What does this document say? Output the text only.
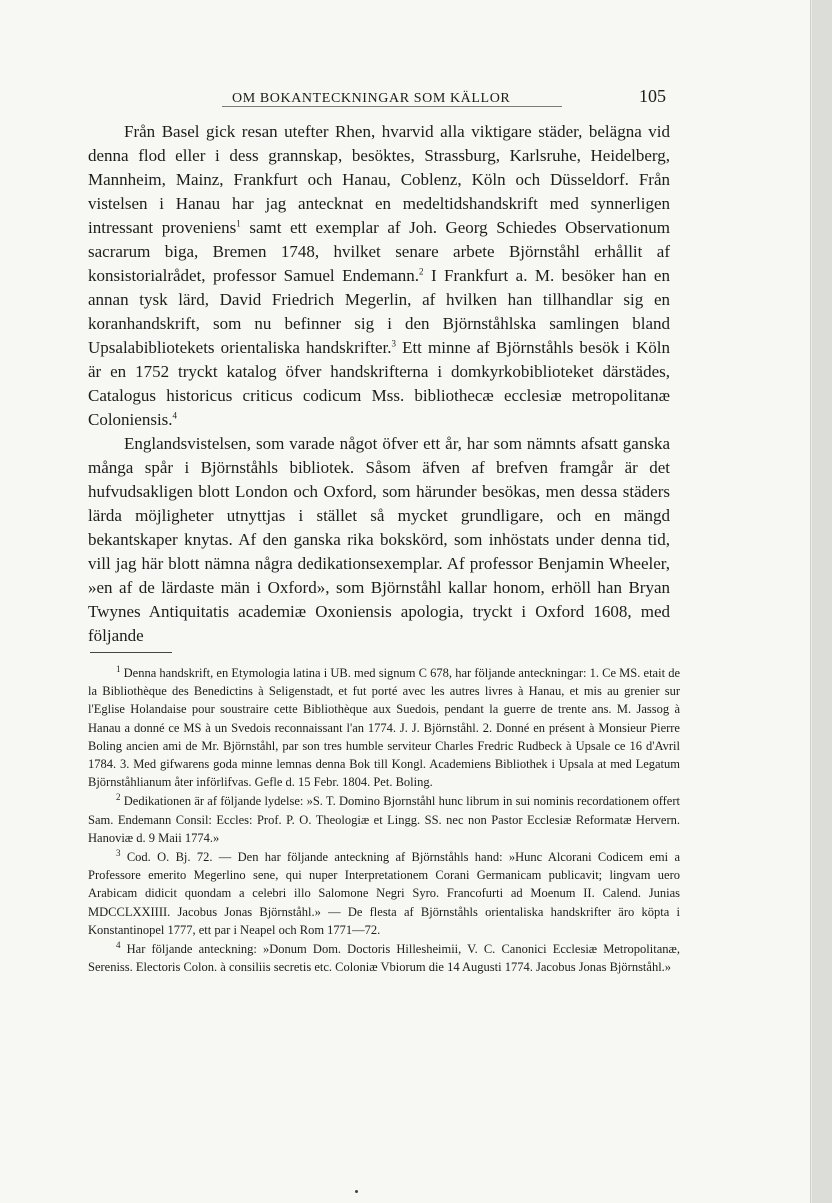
OM BOKANTECKNINGAR SOM KÄLLOR	105

Från Basel gick resan utefter Rhen, hvarvid alla viktigare städer, belägna vid denna flod eller i dess grannskap, besöktes, Strassburg, Karlsruhe, Heidelberg, Mannheim, Mainz, Frankfurt och Hanau, Coblenz, Köln och Düsseldorf. Från vistelsen i Hanau har jag antecknat en medeltidshandskrift med synnerligen intressant proveniens$^1$ samt ett exemplar af Joh. Georg Schiedes Observationum sacrarum biga, Bremen 1748, hvilket senare arbete Björnståhl erhållit af konsistorialrådet, professor Samuel Endemann.$^2$ I Frankfurt a. M. besöker han en annan tysk lärd, David Friedrich Megerlin, af hvilken han tillhandlar sig en koranhandskrift, som nu befinner sig i den Björnståhlska samlingen bland Upsalabibliotekets orientaliska handskrifter.$^3$ Ett minne af Björnståhls besök i Köln är en 1752 tryckt katalog öfver handskrifterna i domkyrkobiblioteket därstädes, Catalogus historicus criticus codicum Mss. bibliothecæ ecclesiæ metropolitanæ Coloniensis.$^4$

Englandsvistelsen, som varade något öfver ett år, har som nämnts afsatt ganska många spår i Björnståhls bibliotek. Såsom äfven af brefven framgår är det hufvudsakligen blott London och Oxford, som härunder besökas, men dessa städers lärda möjligheter utnyttjas i stället så mycket grundligare, och en mängd bekantskaper knytas. Af den ganska rika bokskörd, som inhöstats under denna tid, vill jag här blott nämna några dedikationsexemplar. Af professor Benjamin Wheeler, »en af de lärdaste män i Oxford», som Björnståhl kallar honom, erhöll han Bryan Twynes Antiquitatis academiæ Oxoniensis apologia, tryckt i Oxford 1608, med följande

$^1$ Denna handskrift, en Etymologia latina i UB. med signum C 678, har följande anteckningar: 1. Ce MS. etait de la Bibliothèque des Benedictins à Seligenstadt, et fut porté avec les autres livres à Hanau, et mis au grenier sur l'Eglise Holandaise pour soustraire cette Bibliothèque aux Suedois, pendant la guerre de trente ans. M. Jassog à Hanau a donné ce MS à un Svedois reconnaissant l'an 1774. J. J. Björnståhl. 2. Donné en présent à Monsieur Pierre Boling ancien ami de Mr. Björnståhl, par son tres humble serviteur Charles Fredric Rudbeck à Upsale ce 16 d'Avril 1784. 3. Med gifwarens goda minne lemnas denna Bok till Kongl. Academiens Bibliothek i Upsala at med Legatum Björnståhlianum åter införlifvas. Gefle d. 15 Febr. 1804. Pet. Boling.

$^2$ Dedikationen är af följande lydelse: »S. T. Domino Bjornståhl hunc librum in sui nominis recordationem offert Sam. Endemann Consil: Eccles: Prof. P. O. Theologiæ et Lingg. SS. nec non Pastor Ecclesiæ Reformatæ Hervern. Hanoviæ d. 9 Maii 1774.»

$^3$ Cod. O. Bj. 72. — Den har följande anteckning af Björnståhls hand: »Hunc Alcorani Codicem emi a Professore emerito Megerlino sene, qui nuper Interpretationem Corani Germanicam publicavit; lingvam uero Arabicam didicit quondam a celebri illo Salomone Negri Syro. Francofurti ad Moenum II. Calend. Junias MDCCLXXIIII. Jacobus Jonas Björnståhl.» — De flesta af Björnståhls orientaliska handskrifter äro köpta i Konstantinopel 1777, ett par i Neapel och Rom 1771—72.

$^4$ Har följande anteckning: »Donum Dom. Doctoris Hillesheimii, V. C. Canonici Ecclesiæ Metropolitanæ, Sereniss. Electoris Colon. à consiliis secretis etc. Coloniæ Vbiorum die 14 Augusti 1774. Jacobus Jonas Björnståhl.»
